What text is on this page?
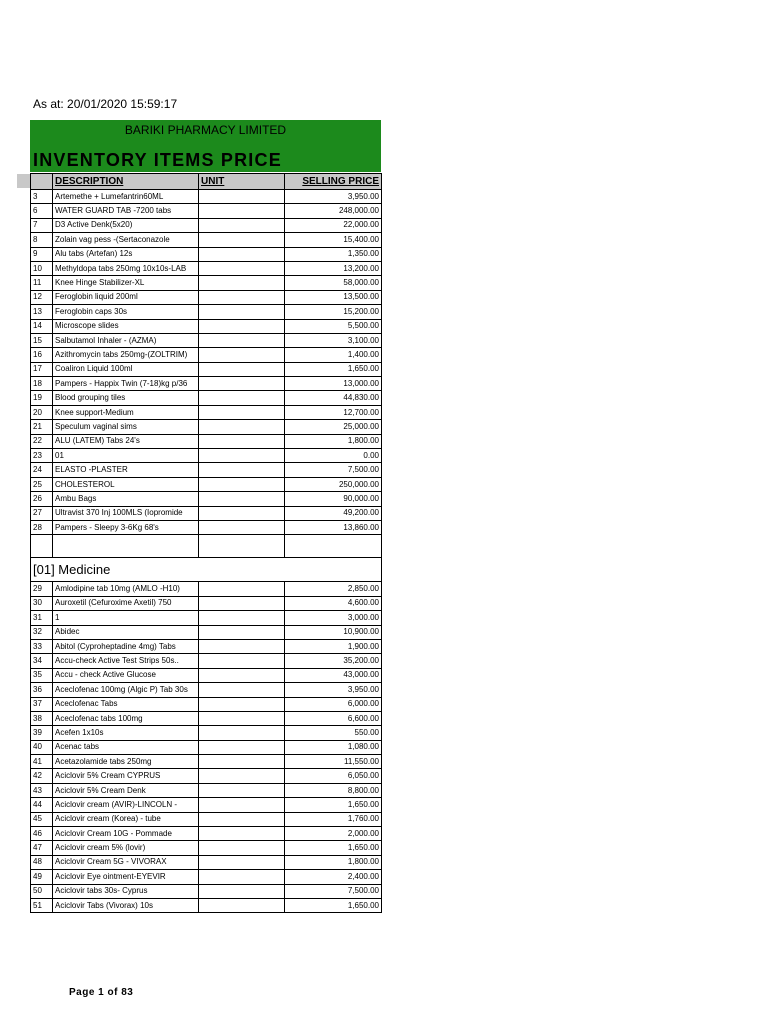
As at: 20/01/2020 15:59:17
BARIKI PHARMACY LIMITED
INVENTORY ITEMS PRICE
	DESCRIPTION	UNIT	SELLING PRICE
3	Artemethe + Lumefantrin60ML		3,950.00
6	WATER GUARD TAB -7200 tabs		248,000.00
7	D3 Active Denk(5x20)		22,000.00
8	Zolain vag pess -(Sertaconazole		15,400.00
9	Alu tabs (Artefan) 12s		1,350.00
10	Methyldopa tabs 250mg 10x10s-LAB		13,200.00
11	Knee Hinge Stabilizer-XL		58,000.00
12	Feroglobin liquid 200ml		13,500.00
13	Feroglobin caps 30s		15,200.00
14	Microscope slides		5,500.00
15	Salbutamol Inhaler - (AZMA)		3,100.00
16	Azithromycin tabs 250mg-(ZOLTRIM)		1,400.00
17	Coaliron Liquid 100ml		1,650.00
18	Pampers - Happix Twin (7-18)kg p/36		13,000.00
19	Blood grouping tiles		44,830.00
20	Knee support-Medium		12,700.00
21	Speculum vaginal sims		25,000.00
22	ALU (LATEM) Tabs 24's		1,800.00
23	01		0.00
24	ELASTO -PLASTER		7,500.00
25	CHOLESTEROL		250,000.00
26	Ambu Bags		90,000.00
27	Ultravist 370 Inj 100MLS (Iopromide		49,200.00
28	Pampers - Sleepy 3-6Kg 68's		13,860.00

[01] Medicine			
29	Amlodipine tab 10mg (AMLO -H10)		2,850.00
30	Auroxetil (Cefuroxime Axetil) 750		4,600.00
31	1		3,000.00
32	Abidec		10,900.00
33	Abitol (Cyproheptadine 4mg) Tabs		1,900.00
34	Accu-check Active Test Strips 50s..		35,200.00
35	Accu - check Active Glucose		43,000.00
36	Aceclofenac 100mg (Algic P) Tab 30s		3,950.00
37	Aceclofenac Tabs		6,000.00
38	Aceclofenac tabs 100mg		6,600.00
39	Acefen 1x10s		550.00
40	Acenac tabs		1,080.00
41	Acetazolamide tabs 250mg		11,550.00
42	Aciclovir 5% Cream CYPRUS		6,050.00
43	Aciclovir 5% Cream Denk		8,800.00
44	Aciclovir cream (AVIR)-LINCOLN -		1,650.00
45	Aciclovir cream (Korea) - tube		1,760.00
46	Aciclovir Cream 10G - Pommade		2,000.00
47	Aciclovir cream 5% (lovir)		1,650.00
48	Aciclovir Cream 5G - VIVORAX		1,800.00
49	Aciclovir Eye ointment-EYEVIR		2,400.00
50	Aciclovir tabs 30s- Cyprus		7,500.00
51	Aciclovir Tabs (Vivorax) 10s		1,650.00
Page 1 of 83
